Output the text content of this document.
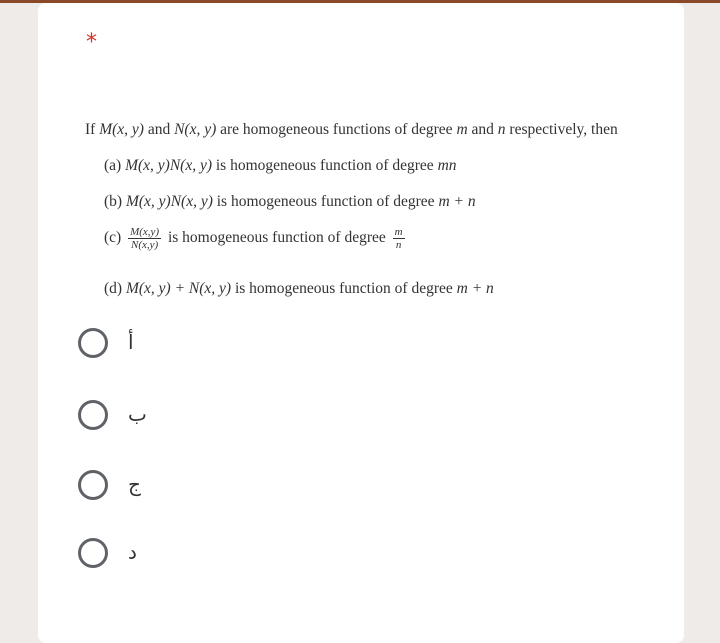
*
If M(x, y) and N(x, y) are homogeneous functions of degree m and n respectively, then
(a) M(x, y)N(x, y) is homogeneous function of degree mn
(b) M(x, y)N(x, y) is homogeneous function of degree m + n
$(c) \frac{M(x,y)}{N(x,y)}$ is homogeneous function of degree $\frac{m}{n}$
(d) M(x, y) + N(x, y) is homogeneous function of degree m + n
أ
ب
ج
د
